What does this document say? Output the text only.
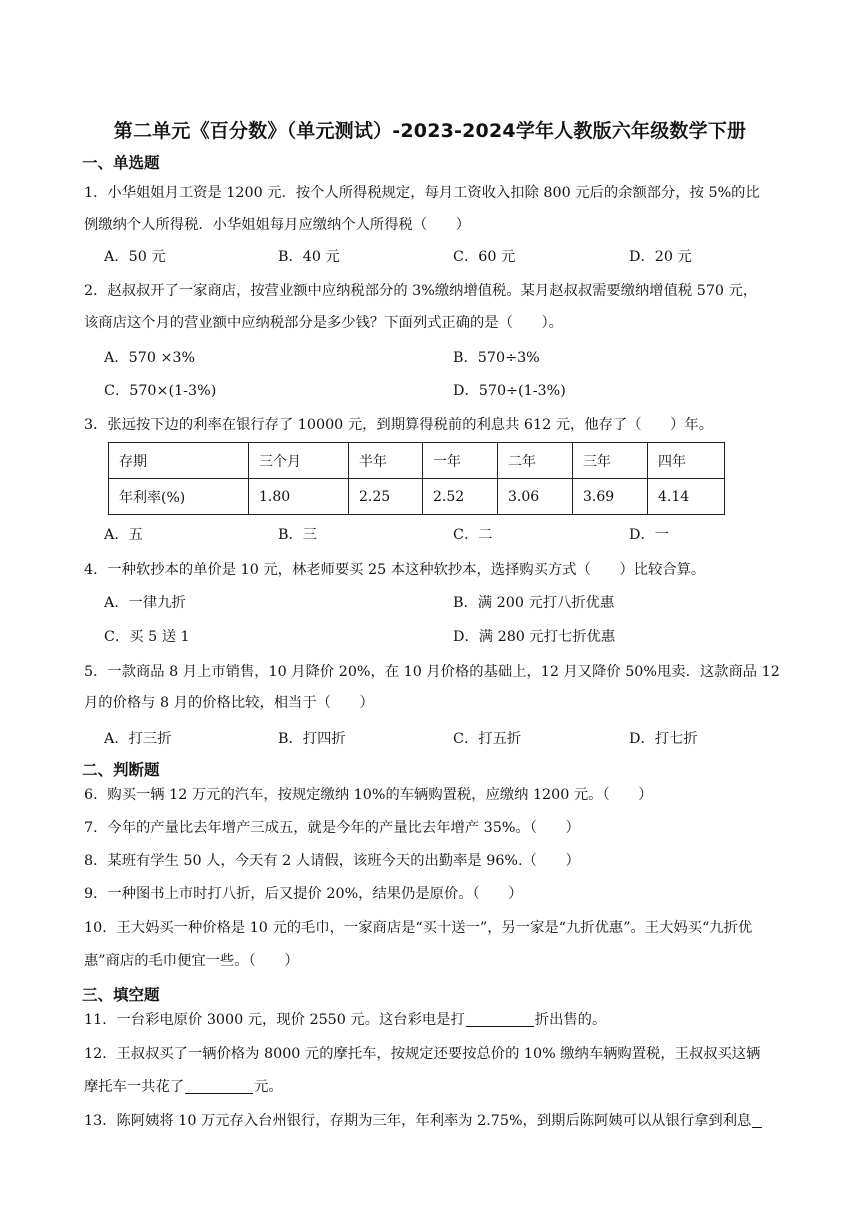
第二单元《百分数》（单元测试）-2023-2024学年人教版六年级数学下册
一、单选题
1．小华姐姐月工资是 1200 元．按个人所得税规定，每月工资收入扣除 800 元后的余额部分，按 5%的比
例缴纳个人所得税．小华姐姐每月应缴纳个人所得税（　　）
A．50 元	B．40 元	C．60 元	D．20 元
2．赵叔叔开了一家商店，按营业额中应纳税部分的 3%缴纳增值税。某月赵叔叔需要缴纳增值税 570 元，
该商店这个月的营业额中应纳税部分是多少钱？下面列式正确的是（　　）。
A．570 ×3%	B．570÷3%
C．570×(1-3%)	D．570÷(1-3%)
3．张远按下边的利率在银行存了 10000 元，到期算得税前的利息共 612 元，他存了（　　）年。
存期	三个月	半年	一年	二年	三年	四年
年利率(%)	1.80	2.25	2.52	3.06	3.69	4.14
A．五	B．三	C．二	D．一
4．一种软抄本的单价是 10 元，林老师要买 25 本这种软抄本，选择购买方式（　　）比较合算。
A．一律九折	B．满 200 元打八折优惠
C．买 5 送 1	D．满 280 元打七折优惠
5．一款商品 8 月上市销售，10 月降价 20%，在 10 月价格的基础上，12 月又降价 50%甩卖．这款商品 12
月的价格与 8 月的价格比较，相当于（　　）
A．打三折	B．打四折	C．打五折	D．打七折
二、判断题
6．购买一辆 12 万元的汽车，按规定缴纳 10%的车辆购置税，应缴纳 1200 元。（　　）
7．今年的产量比去年增产三成五，就是今年的产量比去年增产 35%。（　　）
8．某班有学生 50 人，今天有 2 人请假，该班今天的出勤率是 96%.（　　）
9．一种图书上市时打八折，后又提价 20%，结果仍是原价。（　　）
10．王大妈买一种价格是 10 元的毛巾，一家商店是“买十送一”，另一家是“九折优惠”。王大妈买“九折优
惠”商店的毛巾便宜一些。（　　）
三、填空题
11．一台彩电原价 3000 元，现价 2550 元。这台彩电是打	折出售的。
12．王叔叔买了一辆价格为 8000 元的摩托车，按规定还要按总价的 10% 缴纳车辆购置税，王叔叔买这辆
摩托车一共花了	元。
13．陈阿姨将 10 万元存入台州银行，存期为三年，年利率为 2.75%，到期后陈阿姨可以从银行拿到利息
